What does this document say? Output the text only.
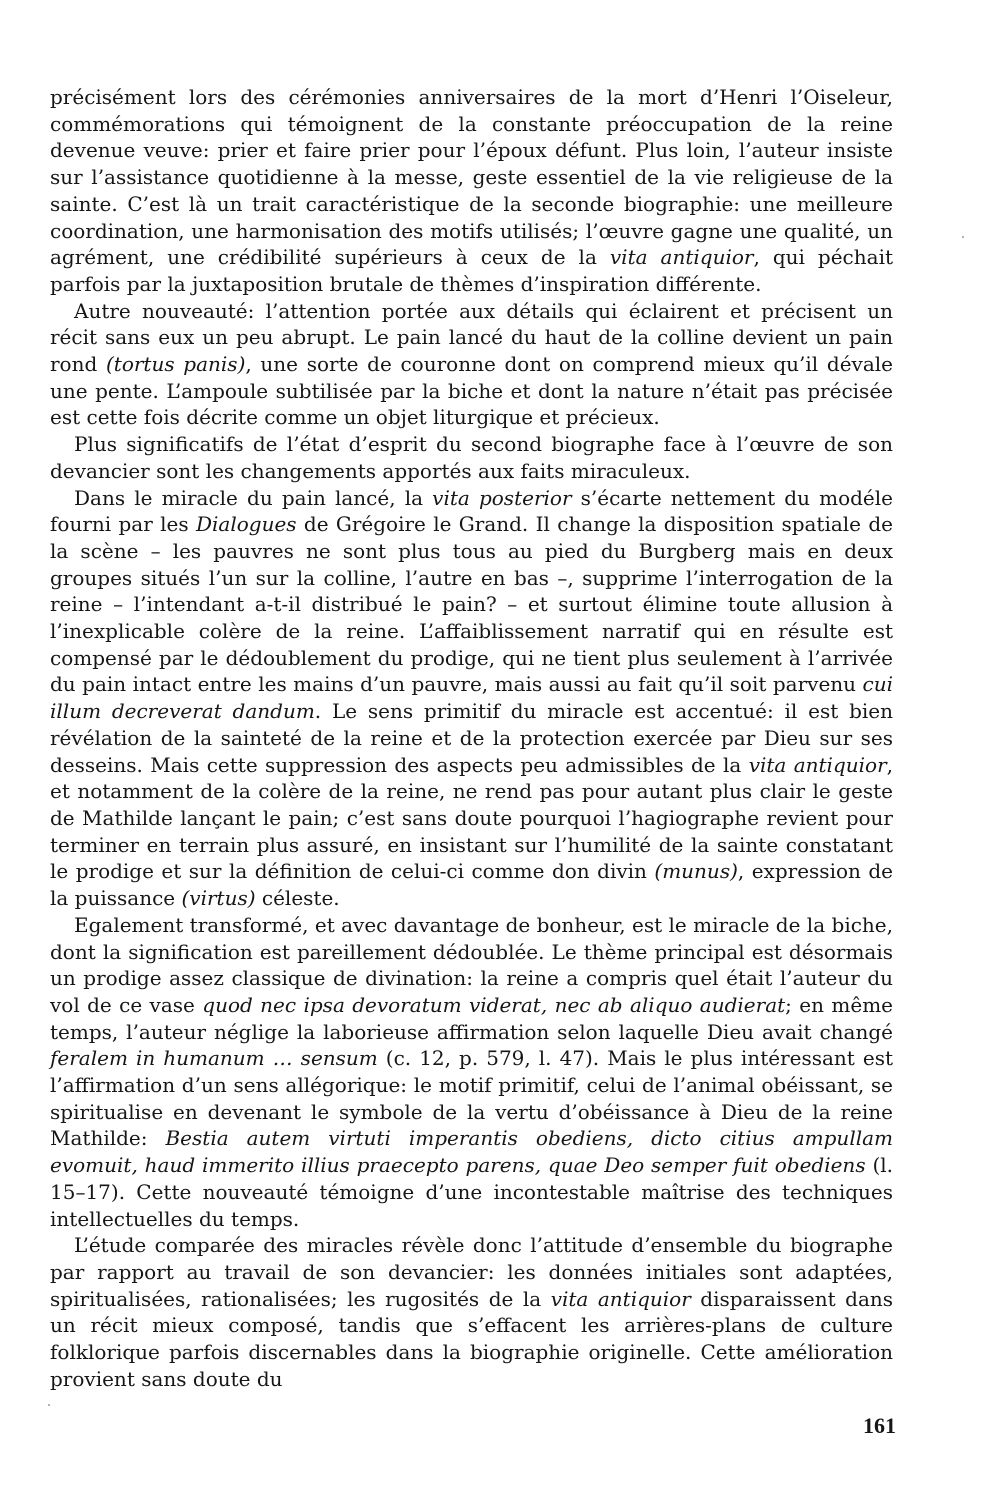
précisément lors des cérémonies anniversaires de la mort d’Henri l’Oiseleur, commémorations qui témoignent de la constante préoccupation de la reine devenue veuve: prier et faire prier pour l’époux défunt. Plus loin, l’auteur insiste sur l’assistance quotidienne à la messe, geste essentiel de la vie religieuse de la sainte. C’est là un trait caractéristique de la seconde biographie: une meilleure coordination, une harmonisation des motifs utilisés; l’œuvre gagne une qualité, un agrément, une crédibilité supérieurs à ceux de la vita antiquior, qui péchait parfois par la juxtaposition brutale de thèmes d’inspiration différente.

Autre nouveauté: l’attention portée aux détails qui éclairent et précisent un récit sans eux un peu abrupt. Le pain lancé du haut de la colline devient un pain rond (tortus panis), une sorte de couronne dont on comprend mieux qu’il dévale une pente. L’ampoule subtilisée par la biche et dont la nature n’était pas précisée est cette fois décrite comme un objet liturgique et précieux.

Plus significatifs de l’état d’esprit du second biographe face à l’œuvre de son devancier sont les changements apportés aux faits miraculeux.

Dans le miracle du pain lancé, la vita posterior s’écarte nettement du modéle fourni par les Dialogues de Grégoire le Grand. Il change la disposition spatiale de la scène – les pauvres ne sont plus tous au pied du Burgberg mais en deux groupes situés l’un sur la colline, l’autre en bas –, supprime l’interrogation de la reine – l’intendant a-t-il distribué le pain? – et surtout élimine toute allusion à l’inexplicable colère de la reine. L’affaiblissement narratif qui en résulte est compensé par le dédoublement du prodige, qui ne tient plus seulement à l’arrivée du pain intact entre les mains d’un pauvre, mais aussi au fait qu’il soit parvenu cui illum decreverat dandum. Le sens primitif du miracle est accentué: il est bien révélation de la sainteté de la reine et de la protection exercée par Dieu sur ses desseins. Mais cette suppression des aspects peu admissibles de la vita antiquior, et notamment de la colère de la reine, ne rend pas pour autant plus clair le geste de Mathilde lançant le pain; c’est sans doute pourquoi l’hagiographe revient pour terminer en terrain plus assuré, en insistant sur l’humilité de la sainte constatant le prodige et sur la définition de celui-ci comme don divin (munus), expression de la puissance (virtus) céleste.

Egalement transformé, et avec davantage de bonheur, est le miracle de la biche, dont la signification est pareillement dédoublée. Le thème principal est désormais un prodige assez classique de divination: la reine a compris quel était l’auteur du vol de ce vase quod nec ipsa devoratum viderat, nec ab aliquo audierat; en même temps, l’auteur néglige la laborieuse affirmation selon laquelle Dieu avait changé feralem in humanum … sensum (c. 12, p. 579, l. 47). Mais le plus intéressant est l’affirmation d’un sens allégorique: le motif primitif, celui de l’animal obéissant, se spiritualise en devenant le symbole de la vertu d’obéissance à Dieu de la reine Mathilde: Bestia autem virtuti imperantis obediens, dicto citius ampullam evomuit, haud immerito illius praecepto parens, quae Deo semper fuit obediens (l. 15–17). Cette nouveauté témoigne d’une incontestable maîtrise des techniques intellectuelles du temps.

L’étude comparée des miracles révèle donc l’attitude d’ensemble du biographe par rapport au travail de son devancier: les données initiales sont adaptées, spiritualisées, rationalisées; les rugosités de la vita antiquior disparaissent dans un récit mieux composé, tandis que s’effacent les arrières-plans de culture folklorique parfois discernables dans la biographie originelle. Cette amélioration provient sans doute du

161
